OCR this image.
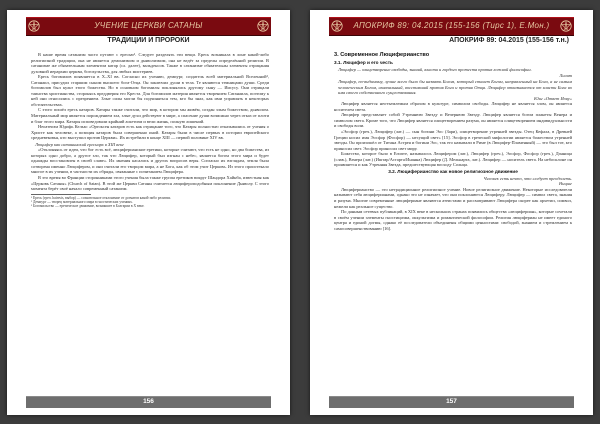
УЧЕНИЕ ЦЕРКВИ САТАНЫ
ТРАДИЦИИ И ПРОРОКИ

В наше время сатанизм часто путают с ересью¹. Следует разделять эти вещи. Ересь возникала в лоне какой-либо религиозной традиции, она не является демонизмом и дьяволизмом, она не ведёт за пределы определённой религии. В сатанизме же обязательным элементом катар (сл. далее), вальденсов. Также в сатанизме обязательны элементы отрицания духовной иерархии церкви, богохульства, для любых мистериев.

Ересь богомилов появляется в X–XI вв. Согласно их учению, демиург, создатель всей материальной Вселенной², Сатанаил, присудил старшим сыном высшего бога-Отца. Он заключил души в тела. Те являются темницами души. Среди богомилов был культ этого божества. Но в основном богомилы поклонялись другому сыну — Иисусу. Они отрицали таинства христианства, сторонясь преддверия его Креста. Для богомилов материя является творением Сатанаила, поэтому к ней они относились с презрением. Злые силы могли бы подчиняться тем, кто бы знал, как ими управлять в некоторых обстоятельствах.

С этого пошёл ересь катаров. Катары также считали, что мир, в котором мы живём, создан злым божеством, дьяволом. Материальный мир является порождением зла, злые духи действуют в мире, а спасение души возможно через отказ от плоти и благ этого мира. Катары исповедовали крайний аскетизм и вели жизнь, полную лишений.

Неоатеизм Юдифь Кельм: «Ортоксен катаров есть как отрицание того, что Катары полностью отказывались от учения о Христе как человеке, а позиция катаров была совершенно иной. Катары были в числе первых в истории европейского средневековья, кто выступил против Церкви». Их истребили в конце XIII — первой половине XIV вв.

Люцифер как сатанинский ересиарх в XIII веке

«Отклоняясь от идеи, что бог есть всё, люциферианские еретики, которые считают, что есть не одно, но два божества, из которых одно добро, а другое зло, так что Люцифер, который был изгнан с небес, является богом этого мира и будет однажды восстановлен в своей славе». Их мнения касались и других вопросов веры. Согласно их взглядам, земля была сотворена именно Люцифером, и они считали его творцом мира, а не Бога, как об этом учит Церковь. Из этого проистекало многое в их учении, в частности их обряды, связанные с почитанием Люцифера.

В это время во Франции сторонниками этого учения была также группа еретиков вокруг Шандора Хайнба, известная как «Церковь Сатаны» (Church of Satan). В этой же Церкви Сатаны считается люцифероподобным поклонение Дьяволу. С этого момента берёт своё начало современный сатанизм.

¹ Ересь (греч. hairesis, выбор) — сознательное отклонение от догматов какой-либо религии.

² Демиург — творец материального мира в гностических учениях.

³ Богомильство — еретическое движение, возникшее в Болгарии в X веке.

156
АПОКРИФ 89: 04.2015 (155-156 (Тирс 1), Е.Мон.)
АПОКРИФ 89: 04.2015 (155-156 т.н.)
3. Современное Люциферианство
3.1. Люцифер и его честь

Люцифер — олицетворение свободы, знаний, власти и гордого протеста против ложной философии.

Лилит

Люцифер, по-видимому, лучше всего было бы назвать Богом, который станет Богом, направленный на Бога, а не самым человеческим Богом, изначальный, восставший против Бога и против Отца. Люцифер отказывается от власти Бога во имя своего собственного существования.

Юнг «Ответ Иову»

Люцифер является неотъемлемым образом в культуре, символом свободы. Люцифер не является злом, он является носителем света.

Люцифер представляет собой Утреннюю Звезду и Вечернюю Звезду. Люцифер является богом планеты Венера и символом света. Кроме того, что Люцифер является олицетворением разума, он является олицетворением индивидуальности и свободы воли.

«Эосфор (греч.), Люцифер (лат.) — сын богини Эос (Зари), олицетворение утренней звезды. Отец Кефала, в Древней Греции носил имя Эосфор (Фосфор) — несущий свет» [15]. Эосфор в греческой мифологии является божеством утренней звезды. Он произошёл от Титана Астрея и богини Эос, так его называли в Риме (в Люцифер-Пламенный) — это был тот, кто приносил свет. Эосфор приносил свет миру.

Божество, которое было в Египте, называлось Люцифером (лат.), Люцифер (греч.), Эосфор, Фосфор (греч.), Дэнница (слав.), Венера (лат.) (Иштар/Астарта/Инанна) Люцифер (Д. Мелькарта, лат.). Люцифер — носитель света. На небосклоне он проявляется и как Утренняя Звезда, предшествующая восходу Солнца.

3.2. Люциферианство как новое религиозное движение

Человек есть нечто, что следует преодолеть.

Ницше

Люциферианство — это нетрадиционное религиозное учение. Новое религиозное движение. Некоторые исследователи называют себя люциферианами, однако это не означает, что они поклоняются Люциферу. Люцифер — символ света, знания и разума. Многие современные люцифериане являются атеистами и рассматривают Люцифера скорее как архетип, символ, нежели как реальное существо.

По данным сетевых публикаций, в XIX веке в нескольких странах появились общества «люцифериан», которые сочетали в своём учении элементы гностицизма, оккультизма и романтической философии. Религия люцифериан не имеет единого центра и единой догмы, однако её последователи объединены общими ценностями: свободой, знанием и стремлением к самосовершенствованию [16].

157
